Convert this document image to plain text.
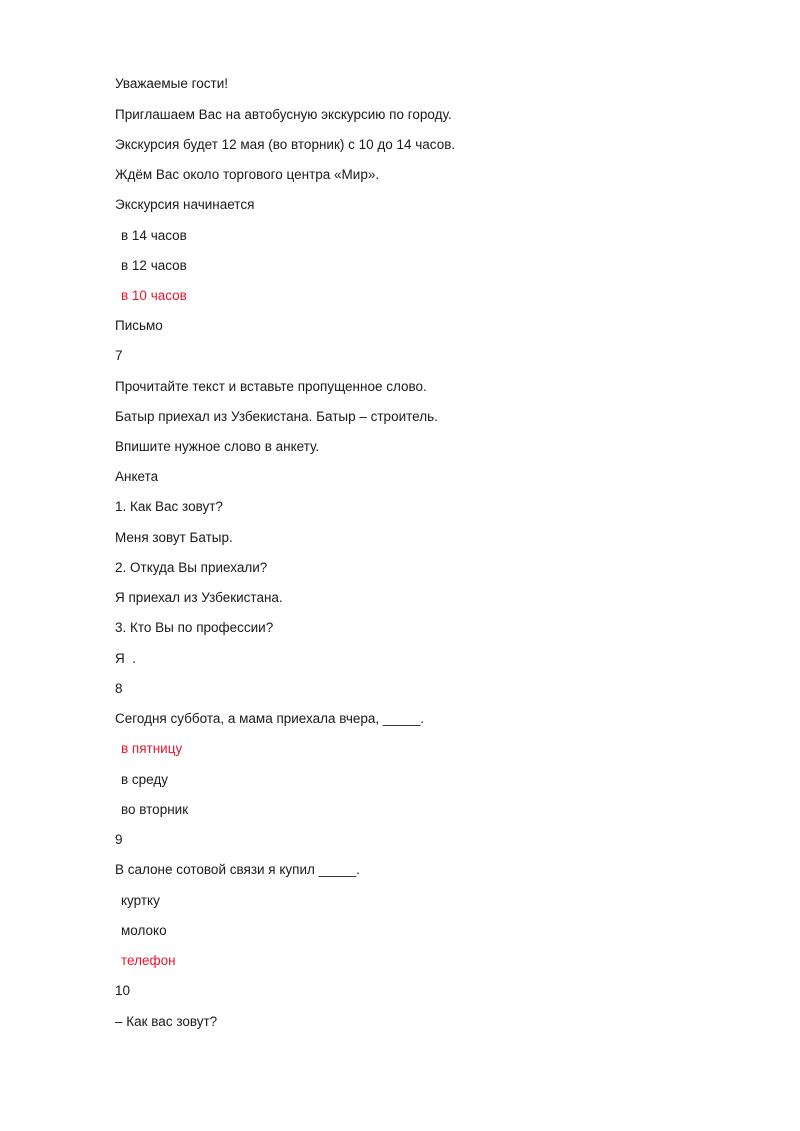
Уважаемые гости!
Приглашаем Вас на автобусную экскурсию по городу.
Экскурсия будет 12 мая (во вторник) с 10 до 14 часов.
Ждём Вас около торгового центра «Мир».
Экскурсия начинается
в 14 часов
в 12 часов
в 10 часов
Письмо
7
Прочитайте текст и вставьте пропущенное слово.
Батыр приехал из Узбекистана. Батыр – строитель.
Впишите нужное слово в анкету.
Анкета
1. Как Вас зовут?
Меня зовут Батыр.
2. Откуда Вы приехали?
Я приехал из Узбекистана.
3. Кто Вы по профессии?
Я  .
8
Сегодня суббота, а мама приехала вчера, _____.
в пятницу
в среду
во вторник
9
В салоне сотовой связи я купил _____.
куртку
молоко
телефон
10
– Как вас зовут?
